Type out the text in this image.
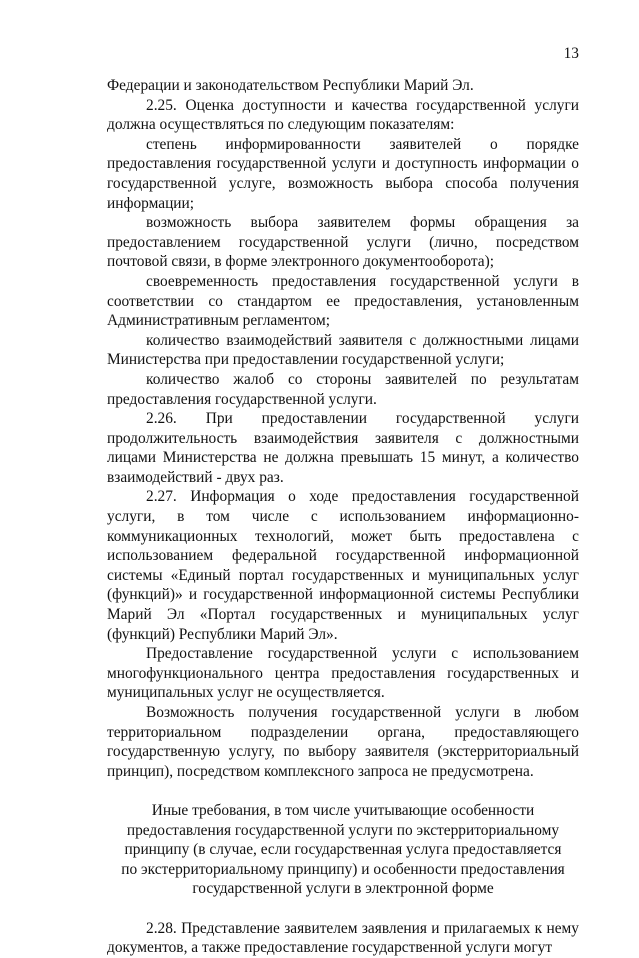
13

Федерации и законодательством Республики Марий Эл.

2.25. Оценка доступности и качества государственной услуги должна осуществляться по следующим показателям:

степень информированности заявителей о порядке предоставления государственной услуги и доступность информации о государственной услуге, возможность выбора способа получения информации;

возможность выбора заявителем формы обращения за предоставлением государственной услуги (лично, посредством почтовой связи, в форме электронного документооборота);

своевременность предоставления государственной услуги в соответствии со стандартом ее предоставления, установленным Административным регламентом;

количество взаимодействий заявителя с должностными лицами Министерства при предоставлении государственной услуги;

количество жалоб со стороны заявителей по результатам предоставления государственной услуги.

2.26. При предоставлении государственной услуги продолжительность взаимодействия заявителя с должностными лицами Министерства не должна превышать 15 минут, а количество взаимодействий - двух раз.

2.27. Информация о ходе предоставления государственной услуги, в том числе с использованием информационно-коммуникационных технологий, может быть предоставлена с использованием федеральной государственной информационной системы «Единый портал государственных и муниципальных услуг (функций)» и государственной информационной системы Республики Марий Эл «Портал государственных и муниципальных услуг (функций) Республики Марий Эл».

Предоставление государственной услуги с использованием многофункционального центра предоставления государственных и муниципальных услуг не осуществляется.

Возможность получения государственной услуги в любом территориальном подразделении органа, предоставляющего государственную услугу, по выбору заявителя (экстерриториальный принцип), посредством комплексного запроса не предусмотрена.

Иные требования, в том числе учитывающие особенности
предоставления государственной услуги по экстерриториальному
принципу (в случае, если государственная услуга предоставляется
по экстерриториальному принципу) и особенности предоставления
государственной услуги в электронной форме

2.28. Представление заявителем заявления и прилагаемых к нему документов, а также предоставление государственной услуги могут
